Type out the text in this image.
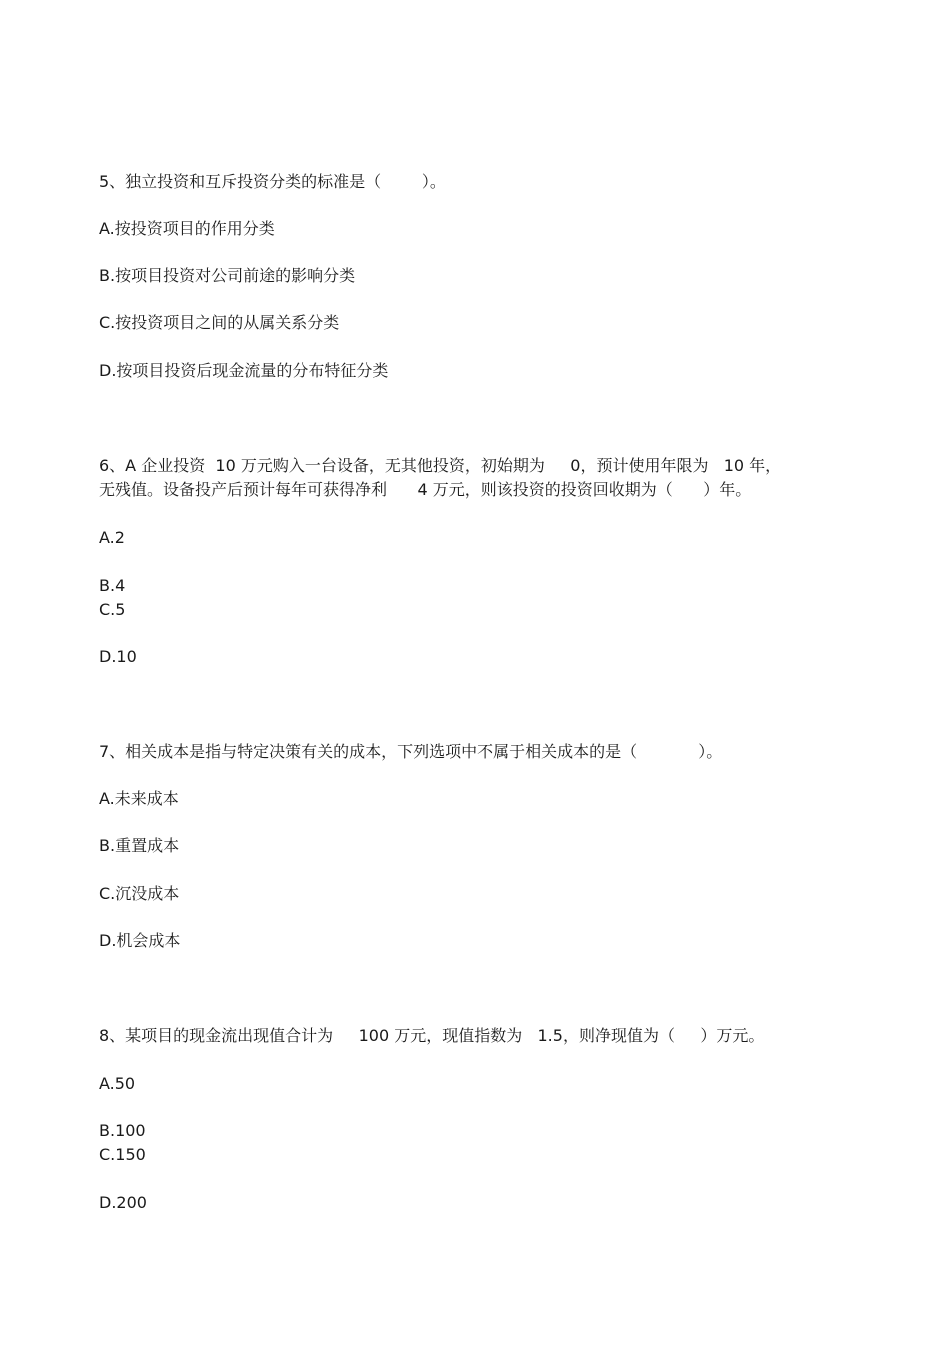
5、独立投资和互斥投资分类的标准是（        ）。
A.按投资项目的作用分类
B.按项目投资对公司前途的影响分类
C.按投资项目之间的从属关系分类
D.按项目投资后现金流量的分布特征分类
6、A 企业投资  10 万元购入一台设备，无其他投资，初始期为     0，预计使用年限为   10 年，
无残值。设备投产后预计每年可获得净利      4 万元，则该投资的投资回收期为（      ）年。
A.2
B.4
C.5
D.10
7、相关成本是指与特定决策有关的成本，下列选项中不属于相关成本的是（            ）。
A.未来成本
B.重置成本
C.沉没成本
D.机会成本
8、某项目的现金流出现值合计为     100 万元，现值指数为   1.5，则净现值为（     ）万元。
A.50
B.100
C.150
D.200
